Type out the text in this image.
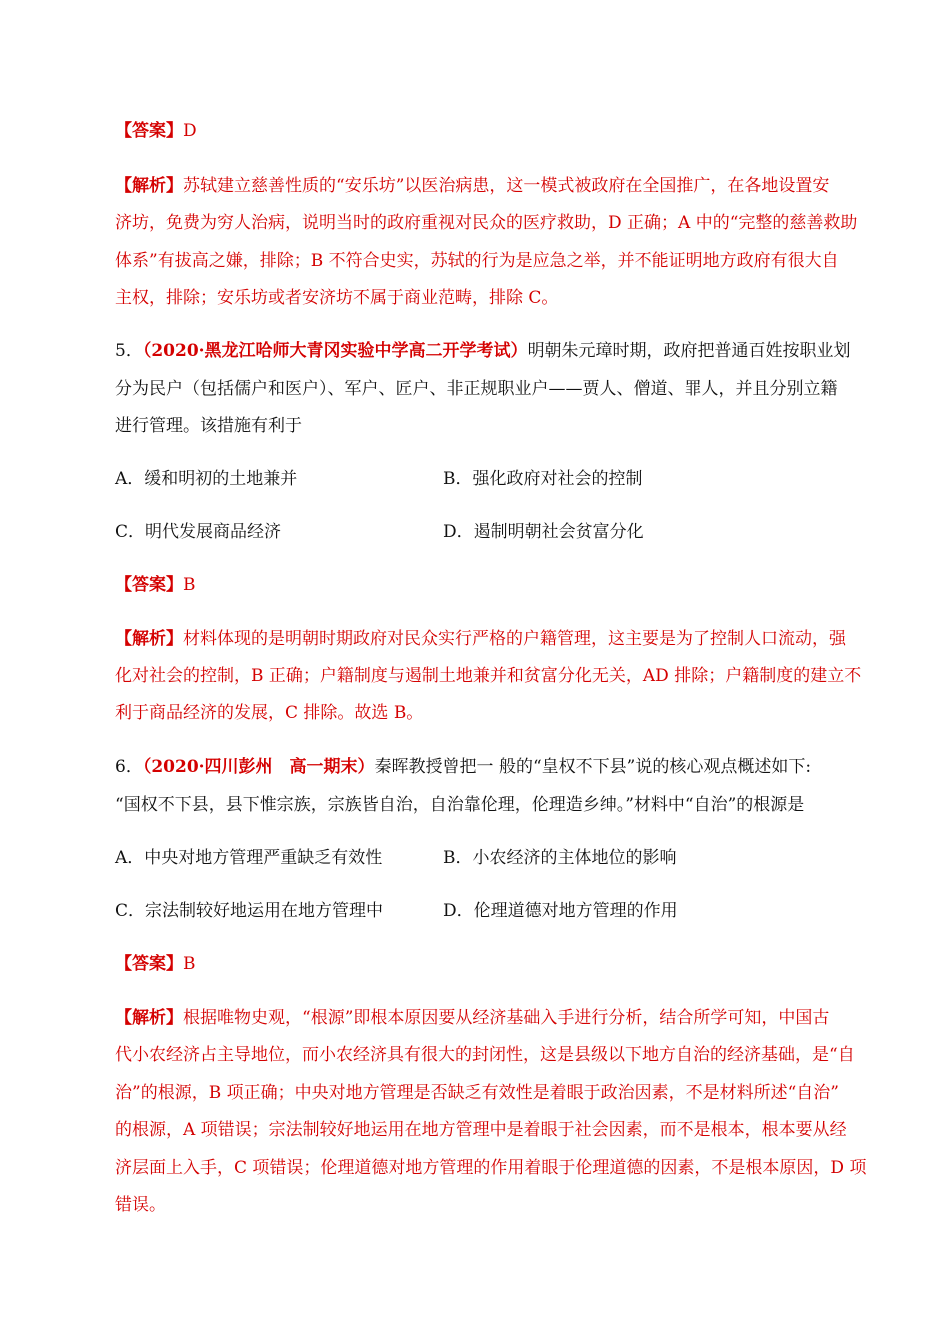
【答案】D
【解析】苏轼建立慈善性质的“安乐坊”以医治病患，这一模式被政府在全国推广，在各地设置安
济坊，免费为穷人治病，说明当时的政府重视对民众的医疗救助，D 正确；A 中的“完整的慈善救助
体系”有拔高之嫌，排除；B 不符合史实，苏轼的行为是应急之举，并不能证明地方政府有很大自
主权，排除；安乐坊或者安济坊不属于商业范畴，排除 C。
5．（2020·黑龙江哈师大青冈实验中学高二开学考试）明朝朱元璋时期，政府把普通百姓按职业划
分为民户（包括儒户和医户）、军户、匠户、非正规职业户——贾人、僧道、罪人，并且分别立籍
进行管理。该措施有利于
A．缓和明初的土地兼并	B．强化政府对社会的控制
C．明代发展商品经济	D．遏制明朝社会贫富分化
【答案】B
【解析】材料体现的是明朝时期政府对民众实行严格的户籍管理，这主要是为了控制人口流动，强
化对社会的控制，B 正确；户籍制度与遏制土地兼并和贫富分化无关，AD 排除；户籍制度的建立不
利于商品经济的发展，C 排除。故选 B。
6．（2020·四川彭州　高一期末）秦晖教授曾把一 般的“皇权不下县”说的核心观点概述如下:
“国权不下县，县下惟宗族，宗族皆自治，自治靠伦理，伦理造乡绅。”材料中“自治”的根源是
A．中央对地方管理严重缺乏有效性	B．小农经济的主体地位的影响
C．宗法制较好地运用在地方管理中	D．伦理道德对地方管理的作用
【答案】B
【解析】根据唯物史观，“根源”即根本原因要从经济基础入手进行分析，结合所学可知，中国古
代小农经济占主导地位，而小农经济具有很大的封闭性，这是县级以下地方自治的经济基础，是“自
治”的根源，B 项正确；中央对地方管理是否缺乏有效性是着眼于政治因素，不是材料所述“自治”
的根源，A 项错误；宗法制较好地运用在地方管理中是着眼于社会因素，而不是根本，根本要从经
济层面上入手，C 项错误；伦理道德对地方管理的作用着眼于伦理道德的因素，不是根本原因，D 项
错误。
